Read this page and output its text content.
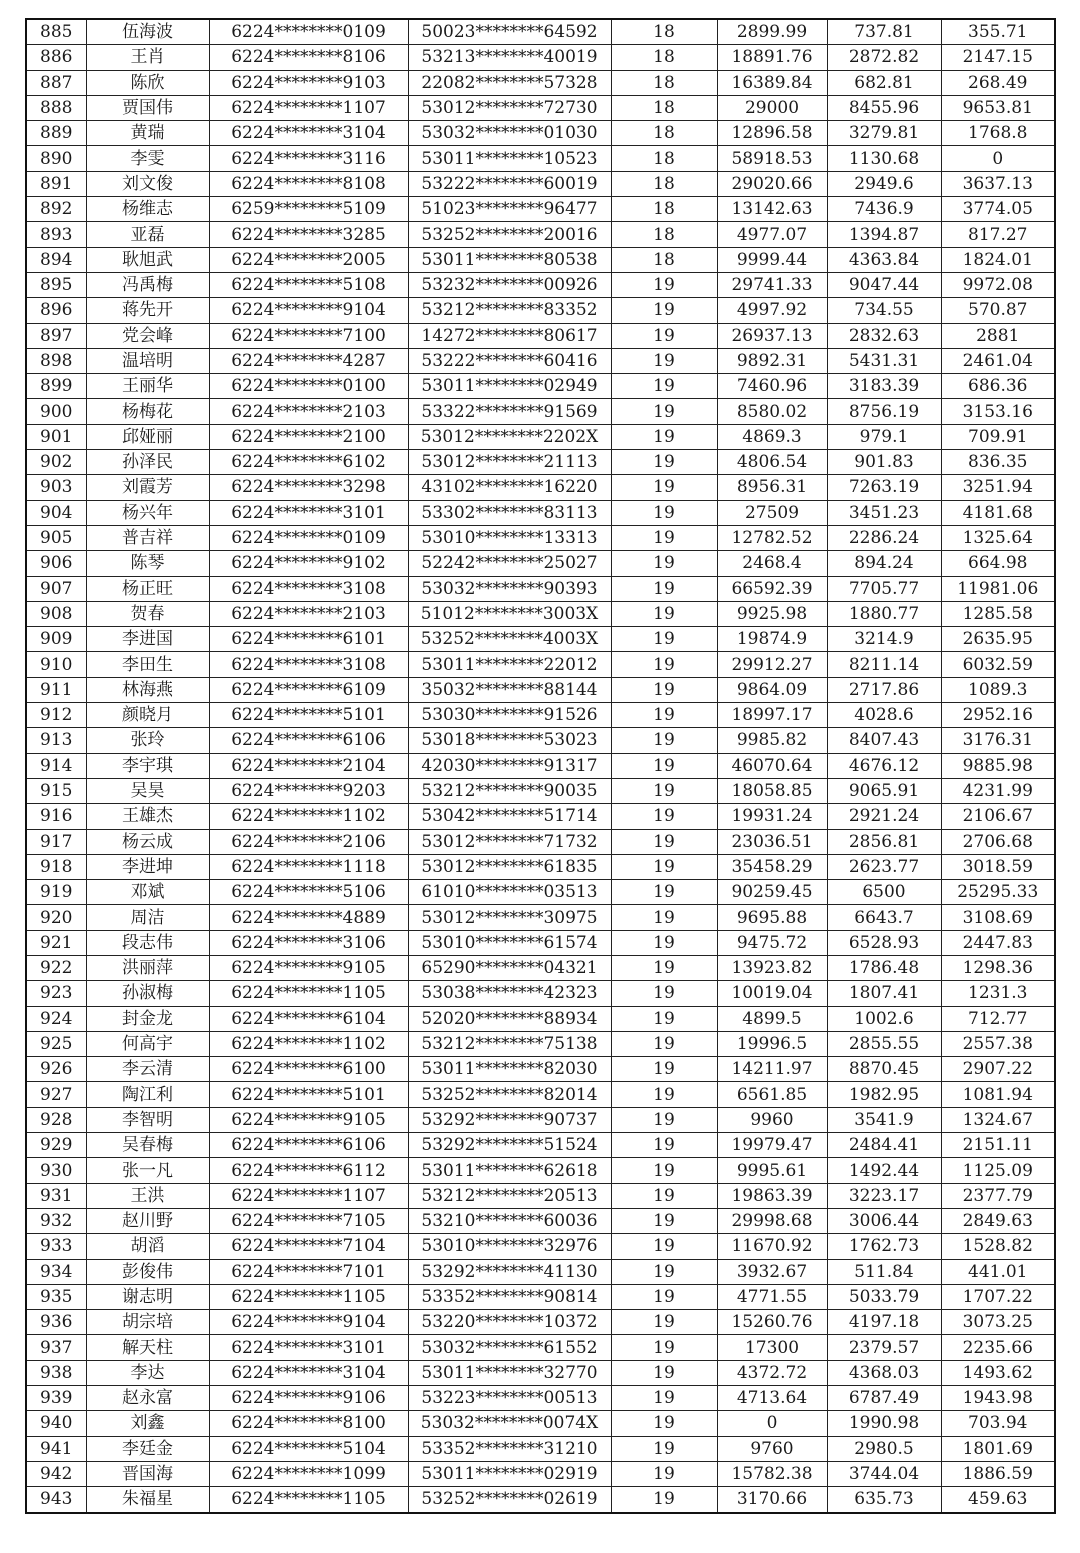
885	伍海波	6224********0109	50023********64592	18	2899.99	737.81	355.71
886	王肖	6224********8106	53213********40019	18	18891.76	2872.82	2147.15
887	陈欣	6224********9103	22082********57328	18	16389.84	682.81	268.49
888	贾国伟	6224********1107	53012********72730	18	29000	8455.96	9653.81
889	黄瑞	6224********3104	53032********01030	18	12896.58	3279.81	1768.8
890	李雯	6224********3116	53011********10523	18	58918.53	1130.68	0
891	刘文俊	6224********8108	53222********60019	18	29020.66	2949.6	3637.13
892	杨维志	6259********5109	51023********96477	18	13142.63	7436.9	3774.05
893	亚磊	6224********3285	53252********20016	18	4977.07	1394.87	817.27
894	耿旭武	6224********2005	53011********80538	18	9999.44	4363.84	1824.01
895	冯禹梅	6224********5108	53232********00926	19	29741.33	9047.44	9972.08
896	蒋先开	6224********9104	53212********83352	19	4997.92	734.55	570.87
897	党会峰	6224********7100	14272********80617	19	26937.13	2832.63	2881
898	温培明	6224********4287	53222********60416	19	9892.31	5431.31	2461.04
899	王丽华	6224********0100	53011********02949	19	7460.96	3183.39	686.36
900	杨梅花	6224********2103	53322********91569	19	8580.02	8756.19	3153.16
901	邱娅丽	6224********2100	53012********2202X	19	4869.3	979.1	709.91
902	孙泽民	6224********6102	53012********21113	19	4806.54	901.83	836.35
903	刘霞芳	6224********3298	43102********16220	19	8956.31	7263.19	3251.94
904	杨兴年	6224********3101	53302********83113	19	27509	3451.23	4181.68
905	普吉祥	6224********0109	53010********13313	19	12782.52	2286.24	1325.64
906	陈琴	6224********9102	52242********25027	19	2468.4	894.24	664.98
907	杨正旺	6224********3108	53032********90393	19	66592.39	7705.77	11981.06
908	贺春	6224********2103	51012********3003X	19	9925.98	1880.77	1285.58
909	李进国	6224********6101	53252********4003X	19	19874.9	3214.9	2635.95
910	李田生	6224********3108	53011********22012	19	29912.27	8211.14	6032.59
911	林海燕	6224********6109	35032********88144	19	9864.09	2717.86	1089.3
912	颜晓月	6224********5101	53030********91526	19	18997.17	4028.6	2952.16
913	张玲	6224********6106	53018********53023	19	9985.82	8407.43	3176.31
914	李宇琪	6224********2104	42030********91317	19	46070.64	4676.12	9885.98
915	吴昊	6224********9203	53212********90035	19	18058.85	9065.91	4231.99
916	王雄杰	6224********1102	53042********51714	19	19931.24	2921.24	2106.67
917	杨云成	6224********2106	53012********71732	19	23036.51	2856.81	2706.68
918	李进坤	6224********1118	53012********61835	19	35458.29	2623.77	3018.59
919	邓斌	6224********5106	61010********03513	19	90259.45	6500	25295.33
920	周洁	6224********4889	53012********30975	19	9695.88	6643.7	3108.69
921	段志伟	6224********3106	53010********61574	19	9475.72	6528.93	2447.83
922	洪丽萍	6224********9105	65290********04321	19	13923.82	1786.48	1298.36
923	孙淑梅	6224********1105	53038********42323	19	10019.04	1807.41	1231.3
924	封金龙	6224********6104	52020********88934	19	4899.5	1002.6	712.77
925	何高宇	6224********1102	53212********75138	19	19996.5	2855.55	2557.38
926	李云清	6224********6100	53011********82030	19	14211.97	8870.45	2907.22
927	陶江利	6224********5101	53252********82014	19	6561.85	1982.95	1081.94
928	李智明	6224********9105	53292********90737	19	9960	3541.9	1324.67
929	吴春梅	6224********6106	53292********51524	19	19979.47	2484.41	2151.11
930	张一凡	6224********6112	53011********62618	19	9995.61	1492.44	1125.09
931	王洪	6224********1107	53212********20513	19	19863.39	3223.17	2377.79
932	赵川野	6224********7105	53210********60036	19	29998.68	3006.44	2849.63
933	胡滔	6224********7104	53010********32976	19	11670.92	1762.73	1528.82
934	彭俊伟	6224********7101	53292********41130	19	3932.67	511.84	441.01
935	谢志明	6224********1105	53352********90814	19	4771.55	5033.79	1707.22
936	胡宗培	6224********9104	53220********10372	19	15260.76	4197.18	3073.25
937	解天柱	6224********3101	53032********61552	19	17300	2379.57	2235.66
938	李达	6224********3104	53011********32770	19	4372.72	4368.03	1493.62
939	赵永富	6224********9106	53223********00513	19	4713.64	6787.49	1943.98
940	刘鑫	6224********8100	53032********0074X	19	0	1990.98	703.94
941	李廷金	6224********5104	53352********31210	19	9760	2980.5	1801.69
942	晋国海	6224********1099	53011********02919	19	15782.38	3744.04	1886.59
943	朱福星	6224********1105	53252********02619	19	3170.66	635.73	459.63
